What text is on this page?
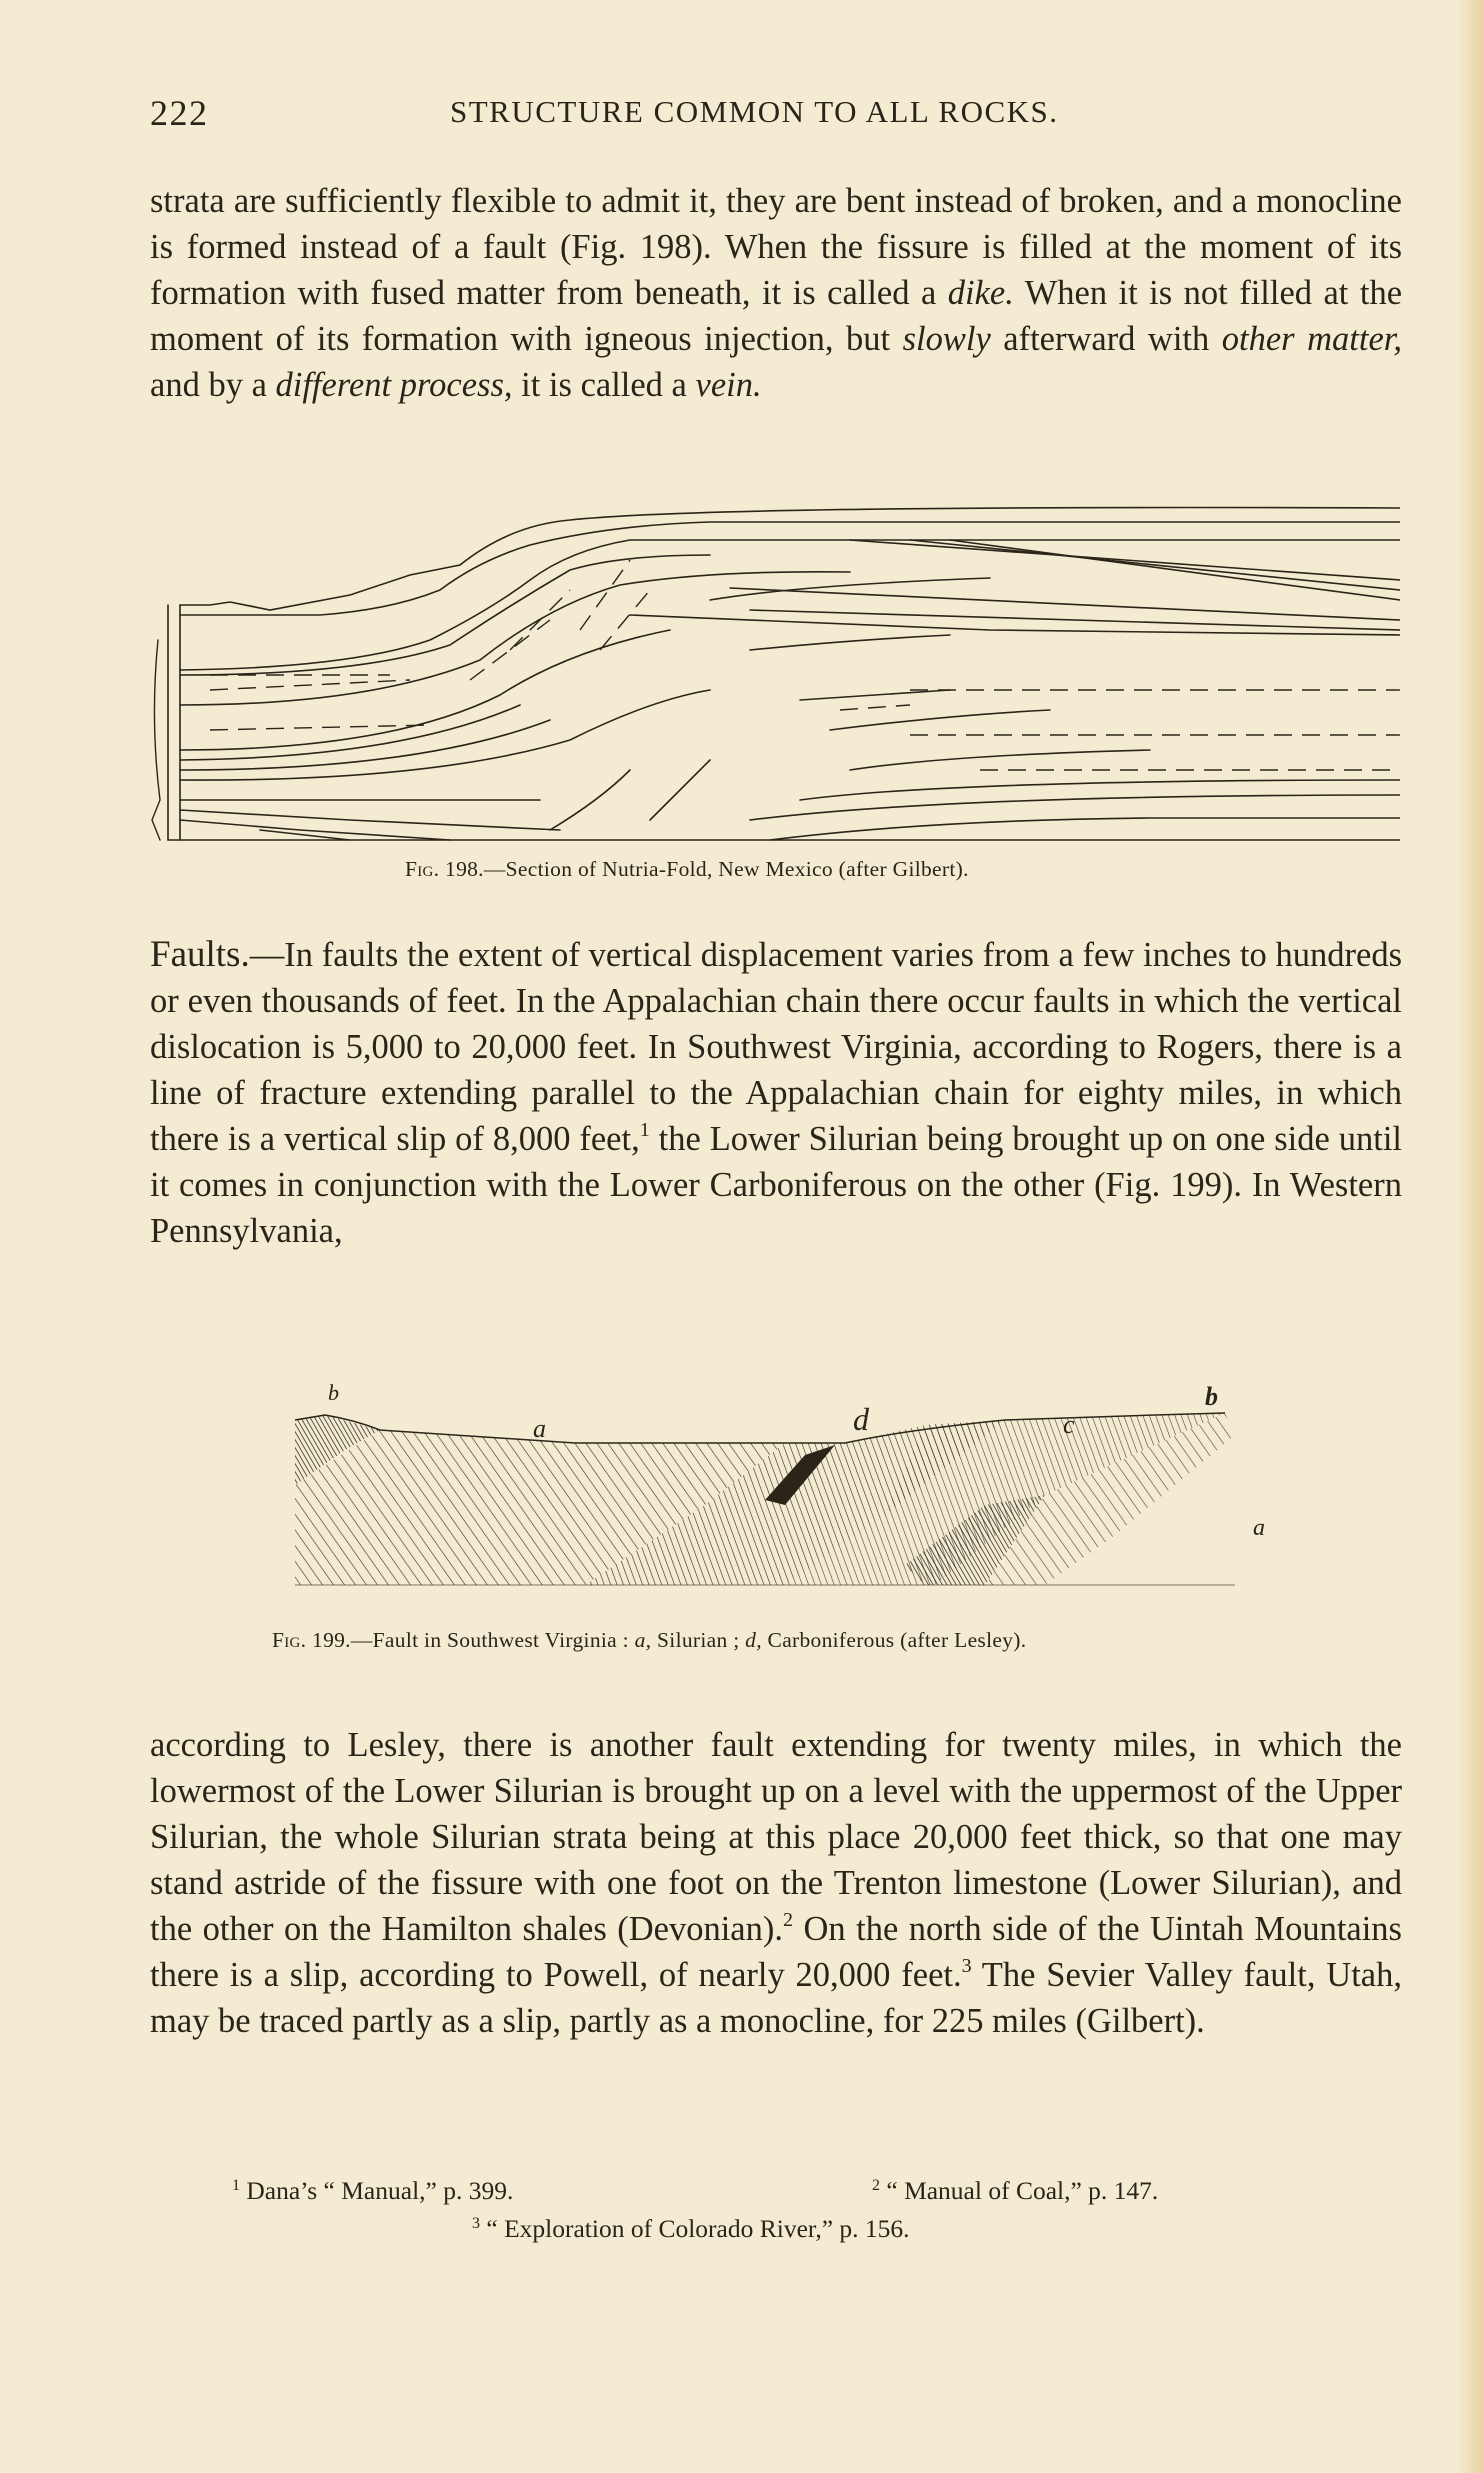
222	STRUCTURE COMMON TO ALL ROCKS.

strata are sufficiently flexible to admit it, they are bent instead of broken, and a monocline is formed instead of a fault (Fig. 198). When the fissure is filled at the moment of its formation with fused matter from beneath, it is called a dike. When it is not filled at the moment of its formation with igneous injection, but slowly afterward with other matter, and by a different process, it is called a vein.

Fig. 198.—Section of Nutria-Fold, New Mexico (after Gilbert).

Faults.—In faults the extent of vertical displacement varies from a few inches to hundreds or even thousands of feet. In the Appalachian chain there occur faults in which the vertical dislocation is 5,000 to 20,000 feet. In Southwest Virginia, according to Rogers, there is a line of fracture extending parallel to the Appalachian chain for eighty miles, in which there is a vertical slip of 8,000 feet,$^1$ the Lower Silurian being brought up on one side until it comes in conjunction with the Lower Carboniferous on the other (Fig. 199). In Western Pennsylvania,

b
a	d	c
b
a
Fig. 199.—Fault in Southwest Virginia : a, Silurian ; d, Carboniferous (after Lesley).

according to Lesley, there is another fault extending for twenty miles, in which the lowermost of the Lower Silurian is brought up on a level with the uppermost of the Upper Silurian, the whole Silurian strata being at this place 20,000 feet thick, so that one may stand astride of the fissure with one foot on the Trenton limestone (Lower Silurian), and the other on the Hamilton shales (Devonian).$^2$ On the north side of the Uintah Mountains there is a slip, according to Powell, of nearly 20,000 feet.$^3$ The Sevier Valley fault, Utah, may be traced partly as a slip, partly as a monocline, for 225 miles (Gilbert).

$^1$ Dana’s “ Manual,” p. 399.	$^2$ “ Manual of Coal,” p. 147.
$^3$ “ Exploration of Colorado River,” p. 156.
